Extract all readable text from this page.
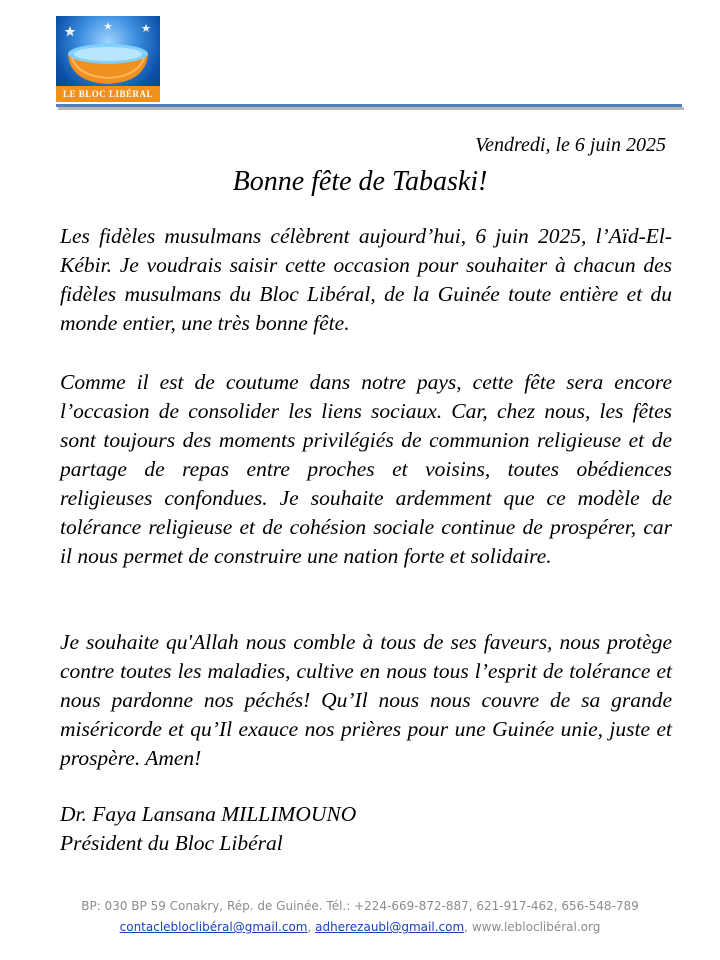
LE BLOC LIBÉRAL
Vendredi, le 6 juin 2025
Bonne fête de Tabaski!

Les fidèles musulmans célèbrent aujourd’hui, 6 juin 2025, l’Aïd-El-Kébir. Je voudrais saisir cette occasion pour souhaiter à chacun des fidèles musulmans du Bloc Libéral, de la Guinée toute entière et du monde entier, une très bonne fête.

Comme il est de coutume dans notre pays, cette fête sera encore l’occasion de consolider les liens sociaux. Car, chez nous, les fêtes sont toujours des moments privilégiés de communion religieuse et de partage de repas entre proches et voisins, toutes obédiences religieuses confondues. Je souhaite ardemment que ce modèle de tolérance religieuse et de cohésion sociale continue de prospérer, car il nous permet de construire une nation forte et solidaire.

Je souhaite qu'Allah nous comble à tous de ses faveurs, nous protège contre toutes les maladies, cultive en nous tous l’esprit de tolérance et nous pardonne nos péchés! Qu’Il nous nous couvre de sa grande miséricorde et qu’Il exauce nos prières pour une Guinée unie, juste et prospère. Amen!

Dr. Faya Lansana MILLIMOUNO
Président du Bloc Libéral
BP: 030 BP 59 Conakry, Rép. de Guinée. Tél.: +224-669-872-887, 621-917-462, 656-548-789
contaclebloclibéral@gmail.com, adherezaubl@gmail.com, www.lebloclibéral.org
